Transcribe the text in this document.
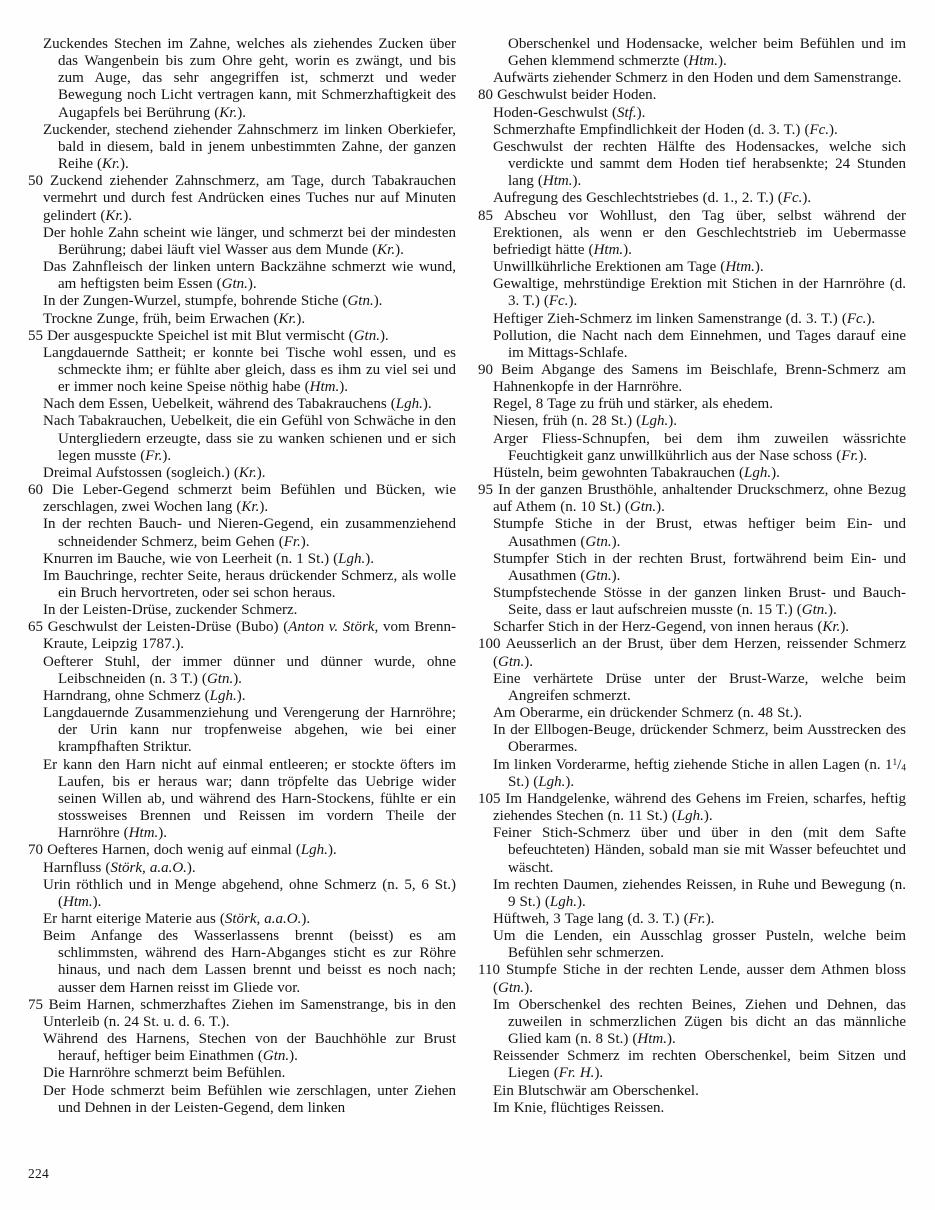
Zuckendes Stechen im Zahne, welches als ziehendes Zucken über das Wangenbein bis zum Ohre geht, worin es zwängt, und bis zum Auge, das sehr angegriffen ist, schmerzt und weder Bewegung noch Licht vertragen kann, mit Schmerzhaftigkeit des Augapfels bei Berührung (Kr.).

Zuckender, stechend ziehender Zahnschmerz im linken Oberkiefer, bald in diesem, bald in jenem unbestimmten Zahne, der ganzen Reihe (Kr.).

50 Zuckend ziehender Zahnschmerz, am Tage, durch Tabakrauchen vermehrt und durch fest Andrücken eines Tuches nur auf Minuten gelindert (Kr.).

Der hohle Zahn scheint wie länger, und schmerzt bei der mindesten Berührung; dabei läuft viel Wasser aus dem Munde (Kr.).

Das Zahnfleisch der linken untern Backzähne schmerzt wie wund, am heftigsten beim Essen (Gtn.).

In der Zungen-Wurzel, stumpfe, bohrende Stiche (Gtn.).

Trockne Zunge, früh, beim Erwachen (Kr.).

55 Der ausgespuckte Speichel ist mit Blut vermischt (Gtn.).

Langdauernde Sattheit; er konnte bei Tische wohl essen, und es schmeckte ihm; er fühlte aber gleich, dass es ihm zu viel sei und er immer noch keine Speise nöthig habe (Htm.).

Nach dem Essen, Uebelkeit, während des Tabakrauchens (Lgh.).

Nach Tabakrauchen, Uebelkeit, die ein Gefühl von Schwäche in den Untergliedern erzeugte, dass sie zu wanken schienen und er sich legen musste (Fr.).

Dreimal Aufstossen (sogleich.) (Kr.).

60 Die Leber-Gegend schmerzt beim Befühlen und Bücken, wie zerschlagen, zwei Wochen lang (Kr.).

In der rechten Bauch- und Nieren-Gegend, ein zusammenziehend schneidender Schmerz, beim Gehen (Fr.).

Knurren im Bauche, wie von Leerheit (n. 1 St.) (Lgh.).

Im Bauchringe, rechter Seite, heraus drückender Schmerz, als wolle ein Bruch hervortreten, oder sei schon heraus.

In der Leisten-Drüse, zuckender Schmerz.

65 Geschwulst der Leisten-Drüse (Bubo) (Anton v. Störk, vom Brenn-Kraute, Leipzig 1787.).

Oefterer Stuhl, der immer dünner und dünner wurde, ohne Leibschneiden (n. 3 T.) (Gtn.).

Harndrang, ohne Schmerz (Lgh.).

Langdauernde Zusammenziehung und Verengerung der Harnröhre; der Urin kann nur tropfenweise abgehen, wie bei einer krampfhaften Striktur.

Er kann den Harn nicht auf einmal entleeren; er stockte öfters im Laufen, bis er heraus war; dann tröpfelte das Uebrige wider seinen Willen ab, und während des Harn-Stockens, fühlte er ein stossweises Brennen und Reissen im vordern Theile der Harnröhre (Htm.).

70 Oefteres Harnen, doch wenig auf einmal (Lgh.).

Harnfluss (Störk, a.a.O.).

Urin röthlich und in Menge abgehend, ohne Schmerz (n. 5, 6 St.) (Htm.).

Er harnt eiterige Materie aus (Störk, a.a.O.).

Beim Anfange des Wasserlassens brennt (beisst) es am schlimmsten, während des Harn-Abganges sticht es zur Röhre hinaus, und nach dem Lassen brennt und beisst es noch nach; ausser dem Harnen reisst im Gliede vor.

75 Beim Harnen, schmerzhaftes Ziehen im Samenstrange, bis in den Unterleib (n. 24 St. u. d. 6. T.).

Während des Harnens, Stechen von der Bauchhöhle zur Brust herauf, heftiger beim Einathmen (Gtn.).

Die Harnröhre schmerzt beim Befühlen.

Der Hode schmerzt beim Befühlen wie zerschlagen, unter Ziehen und Dehnen in der Leisten-Gegend, dem linken

Oberschenkel und Hodensacke, welcher beim Befühlen und im Gehen klemmend schmerzte (Htm.).

Aufwärts ziehender Schmerz in den Hoden und dem Samenstrange.

80 Geschwulst beider Hoden.

Hoden-Geschwulst (Stf.).

Schmerzhafte Empfindlichkeit der Hoden (d. 3. T.) (Fc.).

Geschwulst der rechten Hälfte des Hodensackes, welche sich verdickte und sammt dem Hoden tief herabsenkte; 24 Stunden lang (Htm.).

Aufregung des Geschlechtstriebes (d. 1., 2. T.) (Fc.).

85 Abscheu vor Wohllust, den Tag über, selbst während der Erektionen, als wenn er den Geschlechtstrieb im Uebermasse befriedigt hätte (Htm.).

Unwillkührliche Erektionen am Tage (Htm.).

Gewaltige, mehrstündige Erektion mit Stichen in der Harnröhre (d. 3. T.) (Fc.).

Heftiger Zieh-Schmerz im linken Samenstrange (d. 3. T.) (Fc.).

Pollution, die Nacht nach dem Einnehmen, und Tages darauf eine im Mittags-Schlafe.

90 Beim Abgange des Samens im Beischlafe, Brenn-Schmerz am Hahnenkopfe in der Harnröhre.

Regel, 8 Tage zu früh und stärker, als ehedem.

Niesen, früh (n. 28 St.) (Lgh.).

Arger Fliess-Schnupfen, bei dem ihm zuweilen wässrichte Feuchtigkeit ganz unwillkührlich aus der Nase schoss (Fr.).

Hüsteln, beim gewohnten Tabakrauchen (Lgh.).

95 In der ganzen Brusthöhle, anhaltender Druckschmerz, ohne Bezug auf Athem (n. 10 St.) (Gtn.).

Stumpfe Stiche in der Brust, etwas heftiger beim Ein- und Ausathmen (Gtn.).

Stumpfer Stich in der rechten Brust, fortwährend beim Ein- und Ausathmen (Gtn.).

Stumpfstechende Stösse in der ganzen linken Brust- und Bauch-Seite, dass er laut aufschreien musste (n. 15 T.) (Gtn.).

Scharfer Stich in der Herz-Gegend, von innen heraus (Kr.).

100 Aeusserlich an der Brust, über dem Herzen, reissender Schmerz (Gtn.).

Eine verhärtete Drüse unter der Brust-Warze, welche beim Angreifen schmerzt.

Am Oberarme, ein drückender Schmerz (n. 48 St.).

In der Ellbogen-Beuge, drückender Schmerz, beim Ausstrecken des Oberarmes.

Im linken Vorderarme, heftig ziehende Stiche in allen Lagen (n. $1^1/_4$ St.) (Lgh.).

105 Im Handgelenke, während des Gehens im Freien, scharfes, heftig ziehendes Stechen (n. 11 St.) (Lgh.).

Feiner Stich-Schmerz über und über in den (mit dem Safte befeuchteten) Händen, sobald man sie mit Wasser befeuchtet und wäscht.

Im rechten Daumen, ziehendes Reissen, in Ruhe und Bewegung (n. 9 St.) (Lgh.).

Hüftweh, 3 Tage lang (d. 3. T.) (Fr.).

Um die Lenden, ein Ausschlag grosser Pusteln, welche beim Befühlen sehr schmerzen.

110 Stumpfe Stiche in der rechten Lende, ausser dem Athmen bloss (Gtn.).

Im Oberschenkel des rechten Beines, Ziehen und Dehnen, das zuweilen in schmerzlichen Zügen bis dicht an das männliche Glied kam (n. 8 St.) (Htm.).

Reissender Schmerz im rechten Oberschenkel, beim Sitzen und Liegen (Fr. H.).

Ein Blutschwär am Oberschenkel.

Im Knie, flüchtiges Reissen.

224
